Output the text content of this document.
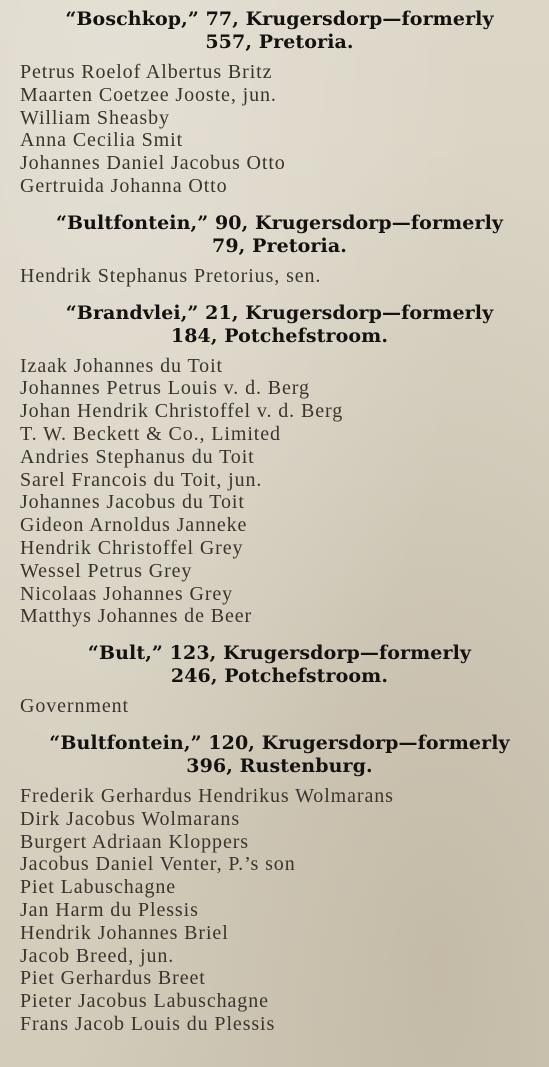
“Boschkop,” 77, Krugersdorp—formerly
557, Pretoria.
Petrus Roelof Albertus Britz
Maarten Coetzee Jooste, jun.
William Sheasby
Anna Cecilia Smit
Johannes Daniel Jacobus Otto
Gertruida Johanna Otto
“Bultfontein,” 90, Krugersdorp—formerly
79, Pretoria.
Hendrik Stephanus Pretorius, sen.
“Brandvlei,” 21, Krugersdorp—formerly
184, Potchefstroom.
Izaak Johannes du Toit
Johannes Petrus Louis v. d. Berg
Johan Hendrik Christoffel v. d. Berg
T. W. Beckett & Co., Limited
Andries Stephanus du Toit
Sarel Francois du Toit, jun.
Johannes Jacobus du Toit
Gideon Arnoldus Janneke
Hendrik Christoffel Grey
Wessel Petrus Grey
Nicolaas Johannes Grey
Matthys Johannes de Beer
“Bult,” 123, Krugersdorp—formerly
246, Potchefstroom.
Government
“Bultfontein,” 120, Krugersdorp—formerly
396, Rustenburg.
Frederik Gerhardus Hendrikus Wolmarans
Dirk Jacobus Wolmarans
Burgert Adriaan Kloppers
Jacobus Daniel Venter, P.’s son
Piet Labuschagne
Jan Harm du Plessis
Hendrik Johannes Briel
Jacob Breed, jun.
Piet Gerhardus Breet
Pieter Jacobus Labuschagne
Frans Jacob Louis du Plessis
